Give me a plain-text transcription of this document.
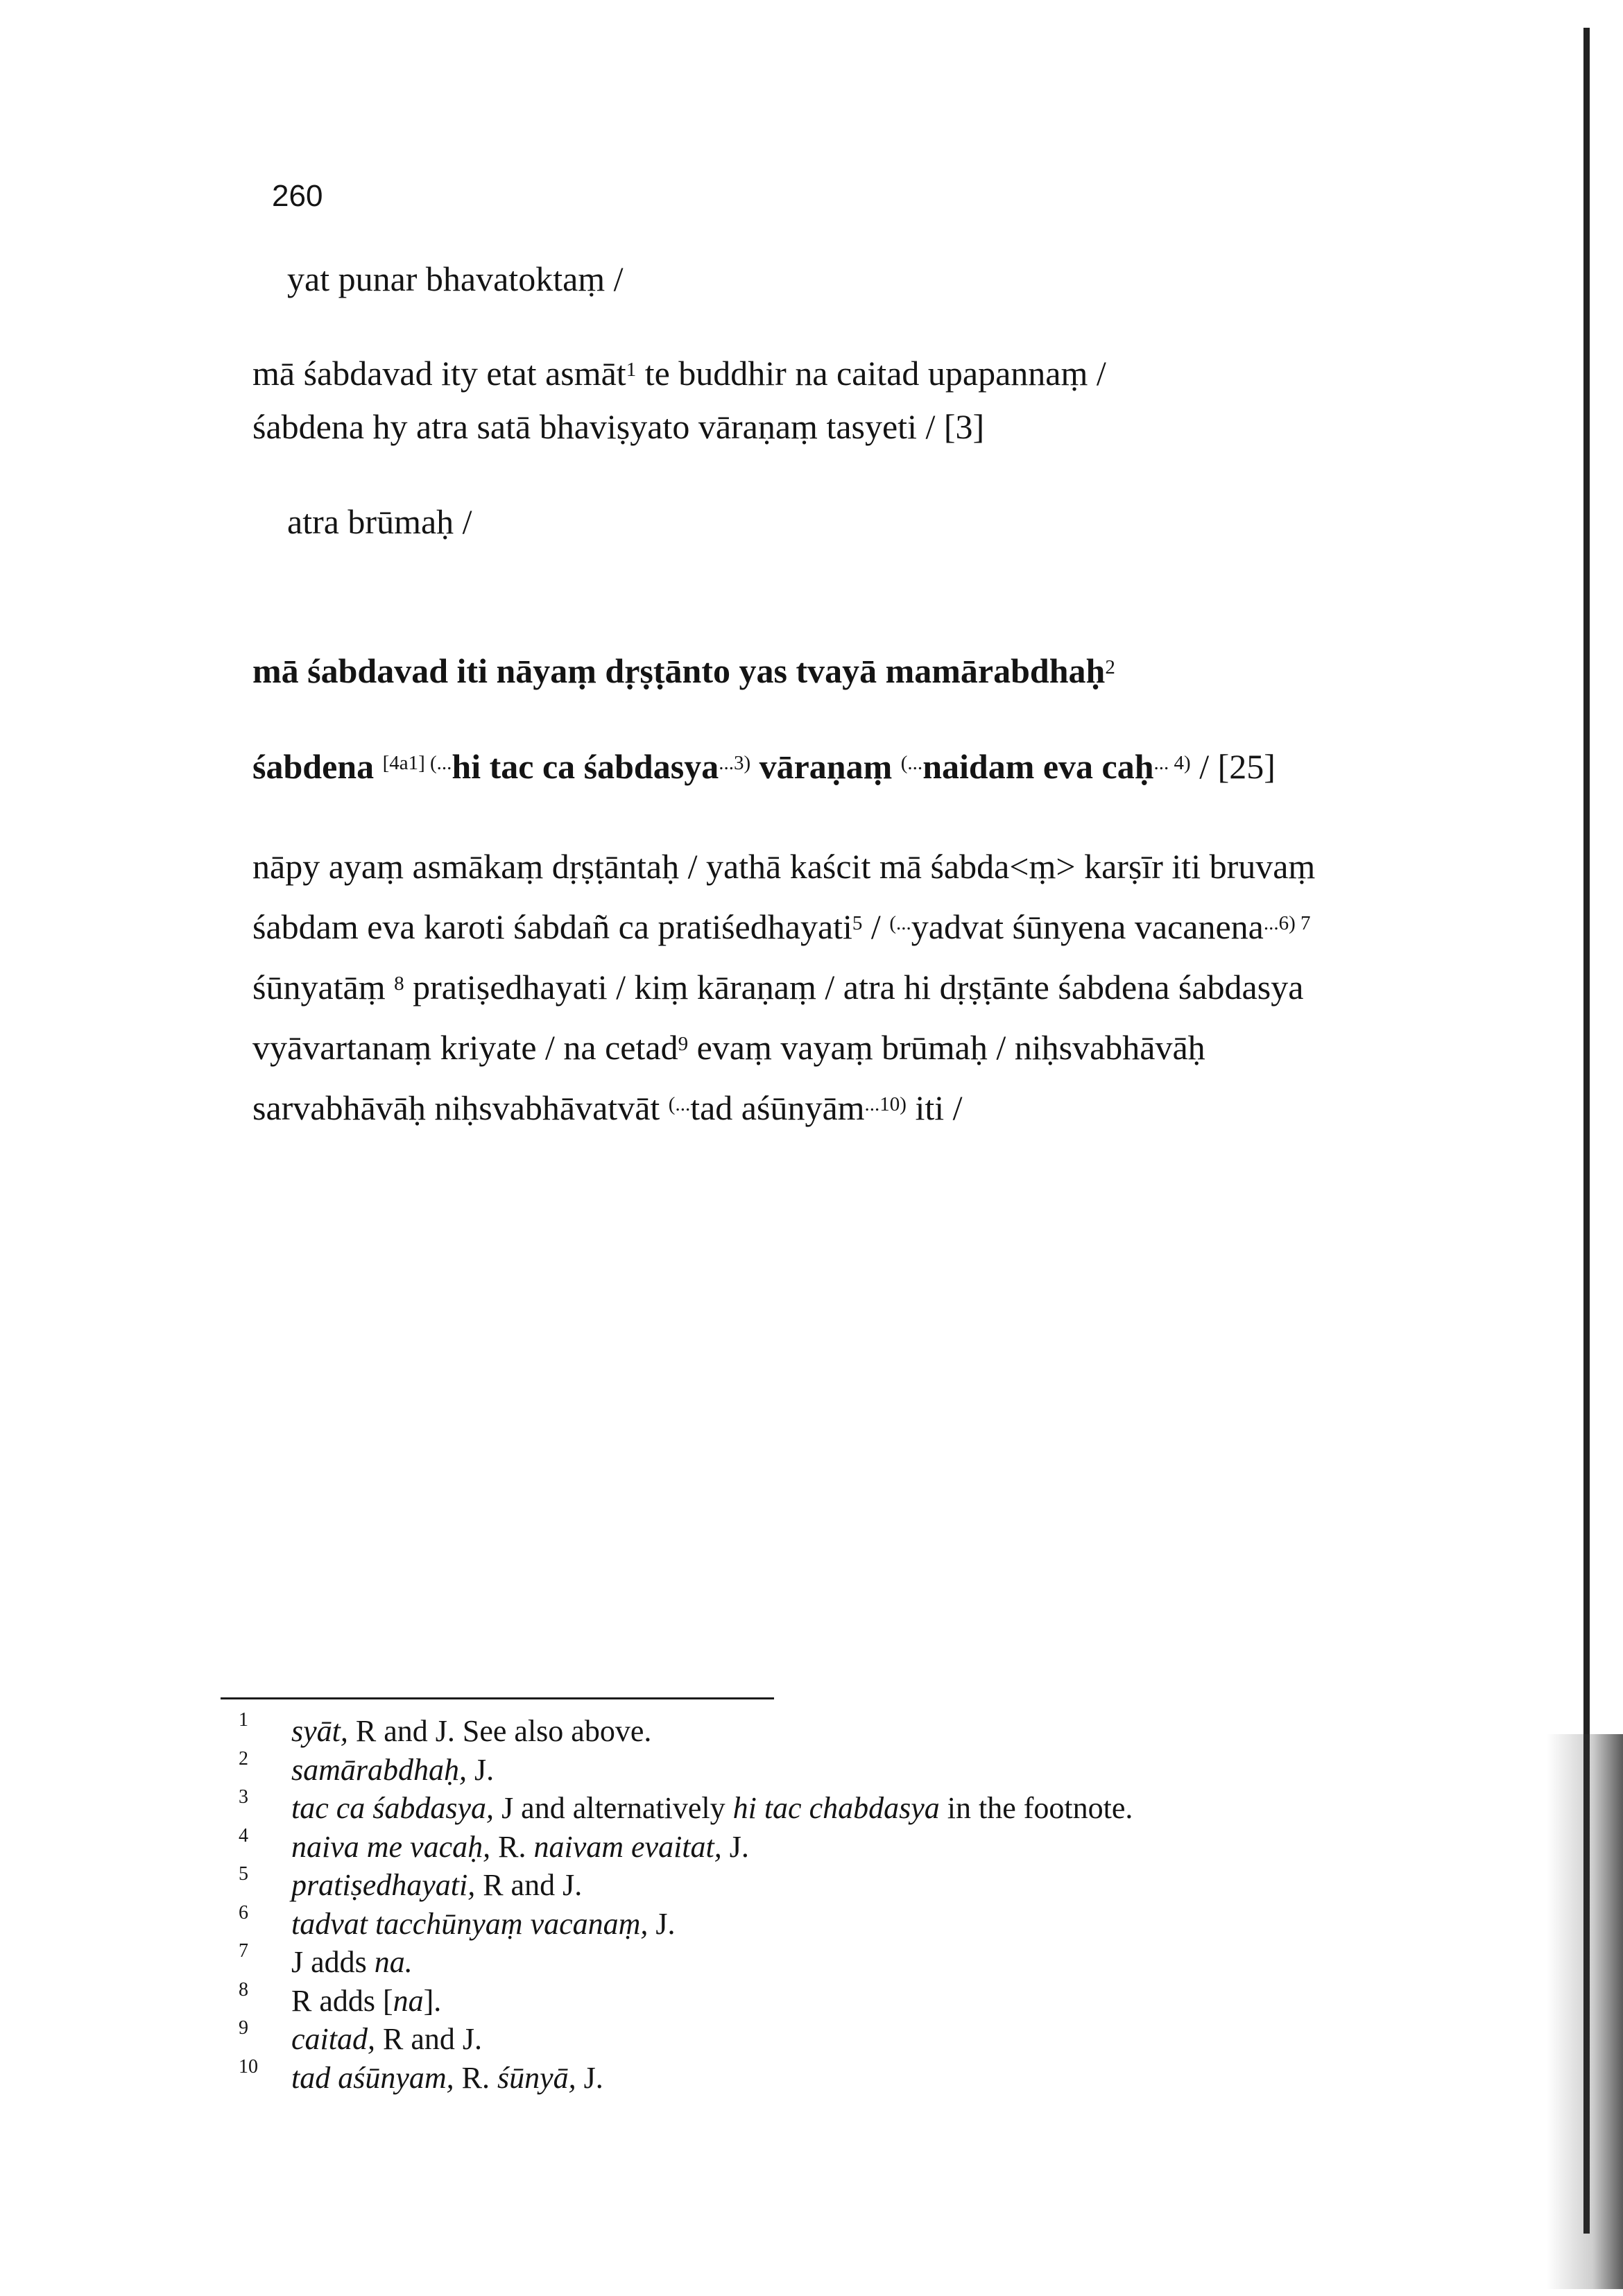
260
yat punar bhavatoktaṃ /
mā śabdavad ity etat asmāt$^1$ te buddhir na caitad upapannaṃ /
śabdena hy atra satā bhaviṣyato vāraṇaṃ tasyeti / [3]
atra brūmaḥ /
mā śabdavad iti nāyaṃ dṛṣṭānto yas tvayā mamārabdhaḥ$^2$
śabdena $^{[4a1] (...}$hi tac ca śabdasya$^{...3)}$ vāraṇaṃ (...naidam eva caḥ$^{... 4)}$ / [25]
nāpy ayaṃ asmākaṃ dṛṣṭāntaḥ / yathā kaścit mā śabda<ṃ> karṣīr iti bruvaṃ
śabdam eva karoti śabdañ ca pratiśedhayati$^5$ / (...yadvat śūnyena vacanena$^{...6) 7}$
śūnyatāṃ $^8$ pratiṣedhayati / kiṃ kāraṇaṃ / atra hi dṛṣṭānte śabdena śabdasya
vyāvartanaṃ kriyate / na cetad$^9$ evaṃ vayaṃ brūmaḥ / niḥsvabhāvāḥ
sarvabhāvāḥ niḥsvabhāvatvāt (...tad aśūnyām$^{...10)}$ iti /
1	syāt, R and J. See also above.
2	samārabdhaḥ, J.
3	tac ca śabdasya, J and alternatively hi tac chabdasya in the footnote.
4	naiva me vacaḥ, R. naivam evaitat, J.
5	pratiṣedhayati, R and J.
6	tadvat tacchūnyaṃ vacanaṃ, J.
7	J adds na.
8	R adds [na].
9	caitad, R and J.
10 tad aśūnyam, R. śūnyā, J.
